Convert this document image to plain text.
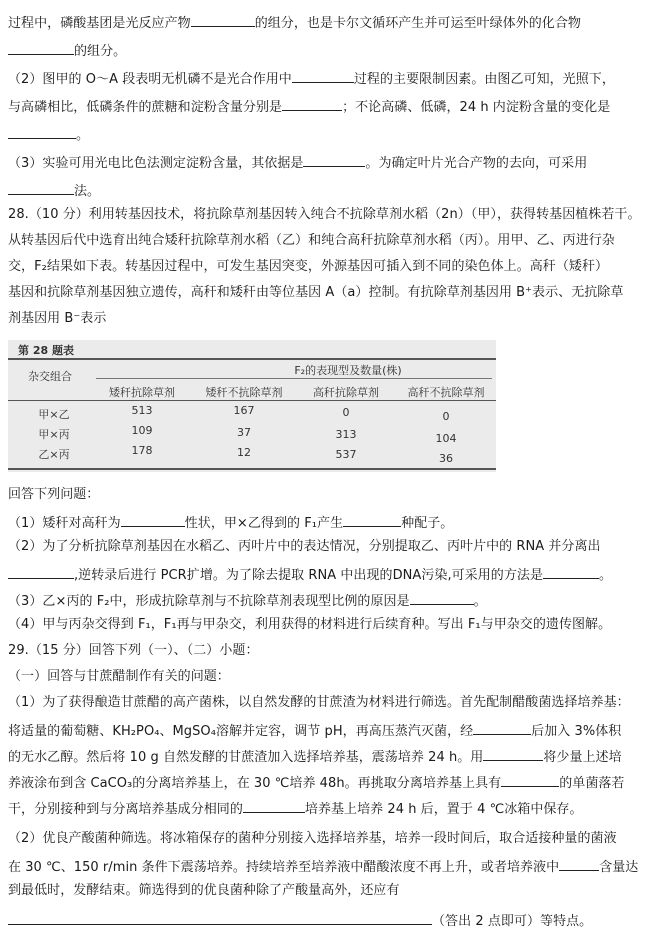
过程中，磷酸基团是光反应产物	的组分，也是卡尔文循环产生并可运至叶绿体外的化合物
的组分。
（2）图甲的 O～A 段表明无机磷不是光合作用中	过程的主要限制因素。由图乙可知，光照下，
与高磷相比，低磷条件的蔗糖和淀粉含量分别是	；不论高磷、低磷，24 h 内淀粉含量的变化是
。
（3）实验可用光电比色法测定淀粉含量，其依据是	。为确定叶片光合产物的去向，可采用
法。
28.（10 分）利用转基因技术，将抗除草剂基因转入纯合不抗除草剂水稻（2n）（甲），获得转基因植株若干。
从转基因后代中选育出纯合矮秆抗除草剂水稻（乙）和纯合高秆抗除草剂水稻（丙）。用甲、乙、丙进行杂
交，F₂结果如下表。转基因过程中，可发生基因突变，外源基因可插入到不同的染色体上。高秆（矮秆）
基因和抗除草剂基因独立遗传，高秆和矮秆由等位基因 A（a）控制。有抗除草剂基因用 B⁺表示、无抗除草
剂基因用 B⁻表示
第 28 题表
杂交组合	F₂的表现型及数量(株)
矮秆抗除草剂	矮秆不抗除草剂	高秆抗除草剂	高秆不抗除草剂
甲×乙	513	167	0	0
甲×丙	109	37	313	104
乙×丙	178	12	537	36
回答下列问题：
（1）矮秆对高秆为	性状，甲×乙得到的 F₁产生	种配子。
（2）为了分析抗除草剂基因在水稻乙、丙叶片中的表达情况，分别提取乙、丙叶片中的 RNA 并分离出
,逆转录后进行 PCR扩增。为了除去提取 RNA 中出现的DNA污染,可采用的方法是	。
（3）乙×丙的 F₂中，形成抗除草剂与不抗除草剂表现型比例的原因是	。
（4）甲与丙杂交得到 F₁，F₁再与甲杂交，利用获得的材料进行后续育种。写出 F₁与甲杂交的遗传图解。
29.（15 分）回答下列（一）、（二）小题：
（一）回答与甘蔗醋制作有关的问题：
（1）为了获得酿造甘蔗醋的高产菌株，以自然发酵的甘蔗渣为材料进行筛选。首先配制醋酸菌选择培养基：
将适量的葡萄糖、KH₂PO₄、MgSO₄溶解并定容，调节 pH，再高压蒸汽灭菌，经	后加入 3%体积
的无水乙醇。然后将 10 g 自然发酵的甘蔗渣加入选择培养基，震荡培养 24 h。用	将少量上述培
养液涂布到含 CaCO₃的分离培养基上，在 30 ℃培养 48h。再挑取分离培养基上具有	的单菌落若
干，分别接种到与分离培养基成分相同的	培养基上培养 24 h 后，置于 4 ℃冰箱中保存。
（2）优良产酸菌种筛选。将冰箱保存的菌种分别接入选择培养基，培养一段时间后，取合适接种量的菌液
在 30 ℃、150 r/min 条件下震荡培养。持续培养至培养液中醋酸浓度不再上升，或者培养液中	含量达
到最低时，发酵结束。筛选得到的优良菌种除了产酸量高外，还应有
（答出 2 点即可）等特点。
